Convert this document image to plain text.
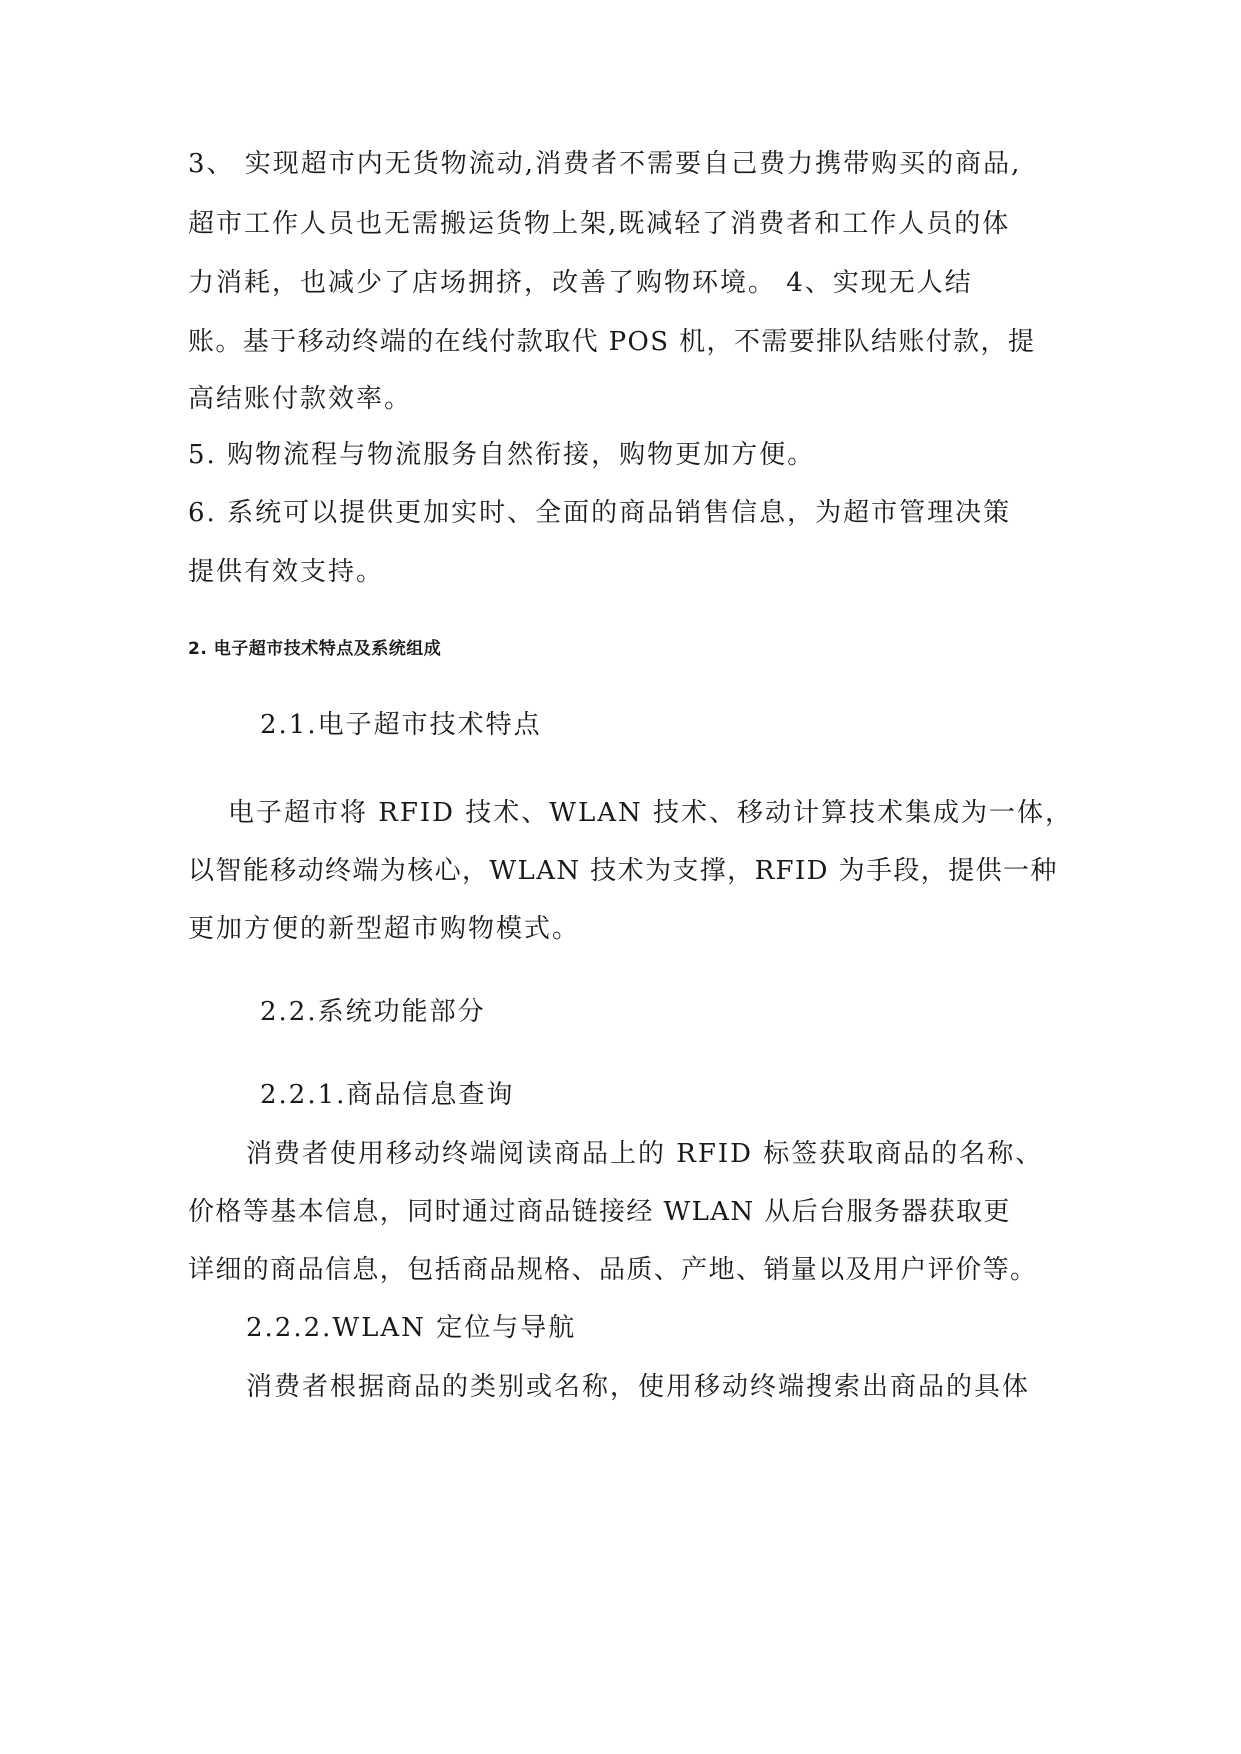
3、 实现超市内无货物流动,消费者不需要自己费力携带购买的商品,
超市工作人员也无需搬运货物上架,既减轻了消费者和工作人员的体
力消耗，也减少了店场拥挤，改善了购物环境。 4、实现无人结
账。基于移动终端的在线付款取代 POS 机，不需要排队结账付款，提
高结账付款效率。
5. 购物流程与物流服务自然衔接，购物更加方便。
6. 系统可以提供更加实时、全面的商品销售信息，为超市管理决策
提供有效支持。
2. 电子超市技术特点及系统组成
2.1.电子超市技术特点
电子超市将 RFID 技术、WLAN 技术、移动计算技术集成为一体，
以智能移动终端为核心，WLAN 技术为支撑，RFID 为手段，提供一种
更加方便的新型超市购物模式。
2.2.系统功能部分
2.2.1.商品信息查询
消费者使用移动终端阅读商品上的 RFID 标签获取商品的名称、
价格等基本信息，同时通过商品链接经 WLAN 从后台服务器获取更
详细的商品信息，包括商品规格、品质、产地、销量以及用户评价等。
2.2.2.WLAN 定位与导航
消费者根据商品的类别或名称，使用移动终端搜索出商品的具体
